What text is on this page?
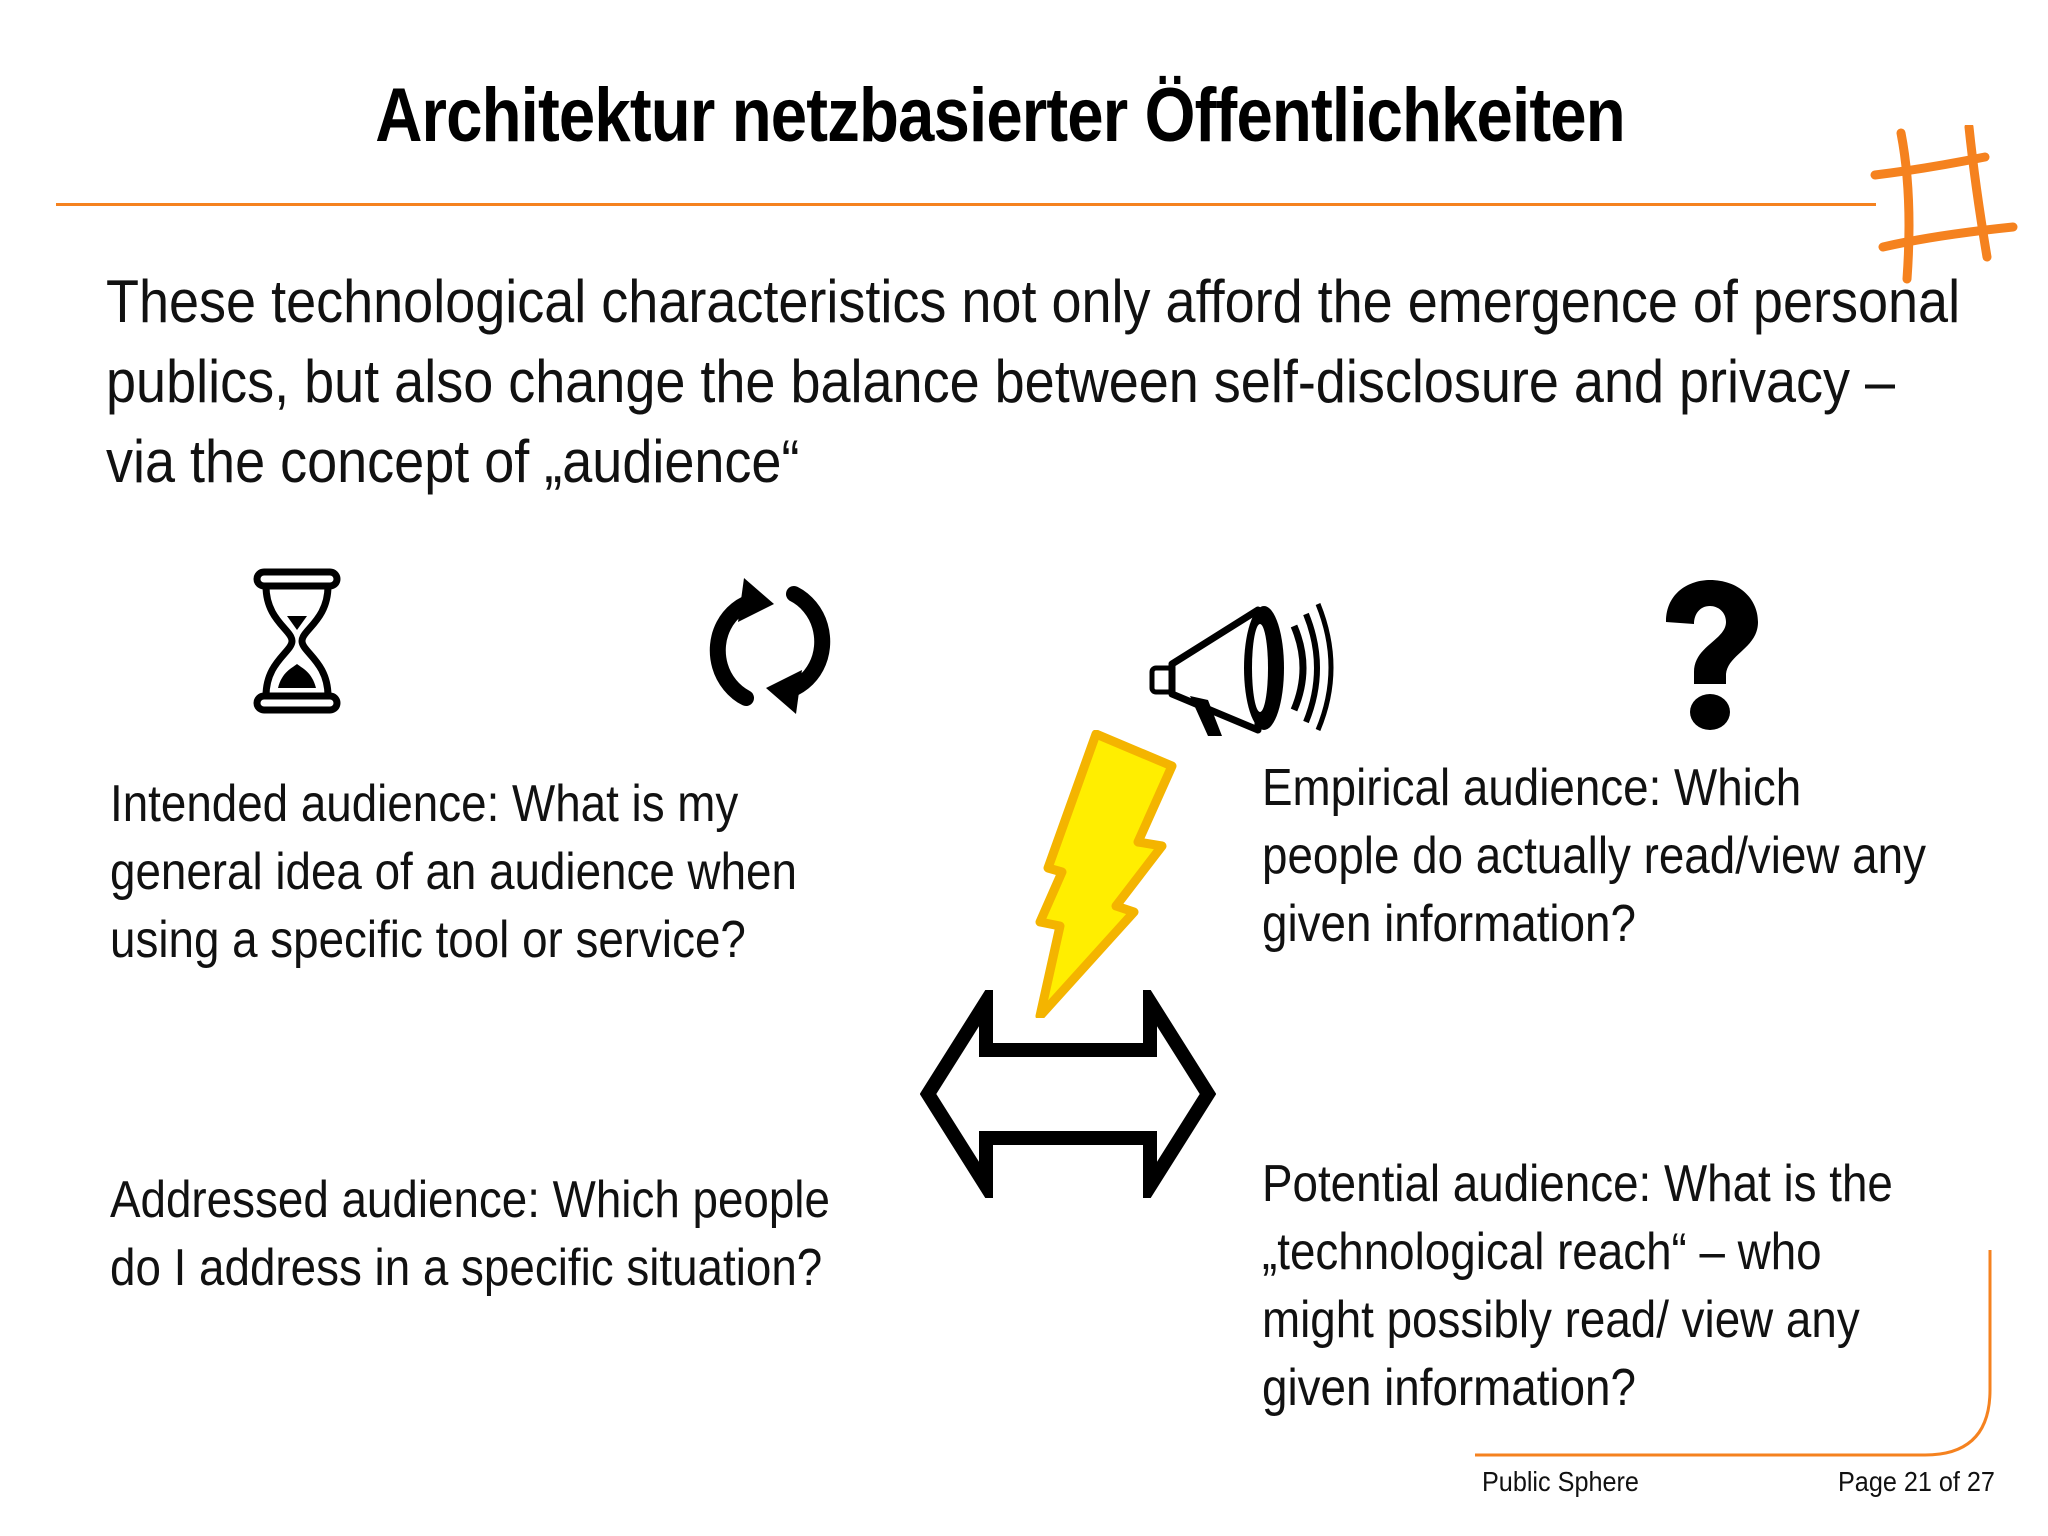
Architektur netzbasierter Öffentlichkeiten

These technological characteristics not only afford the emergence of personal publics, but also change the balance between self-disclosure and privacy – via the concept of „audience“

Intended audience: What is my general idea of an audience when using a specific tool or service?

Addressed audience: Which people do I address in a specific situation?

Empirical audience: Which people do actually read/view any given information?

Potential audience: What is the „technological reach“ – who might possibly read/ view any given information?

Public Sphere	Page 21 of 27
